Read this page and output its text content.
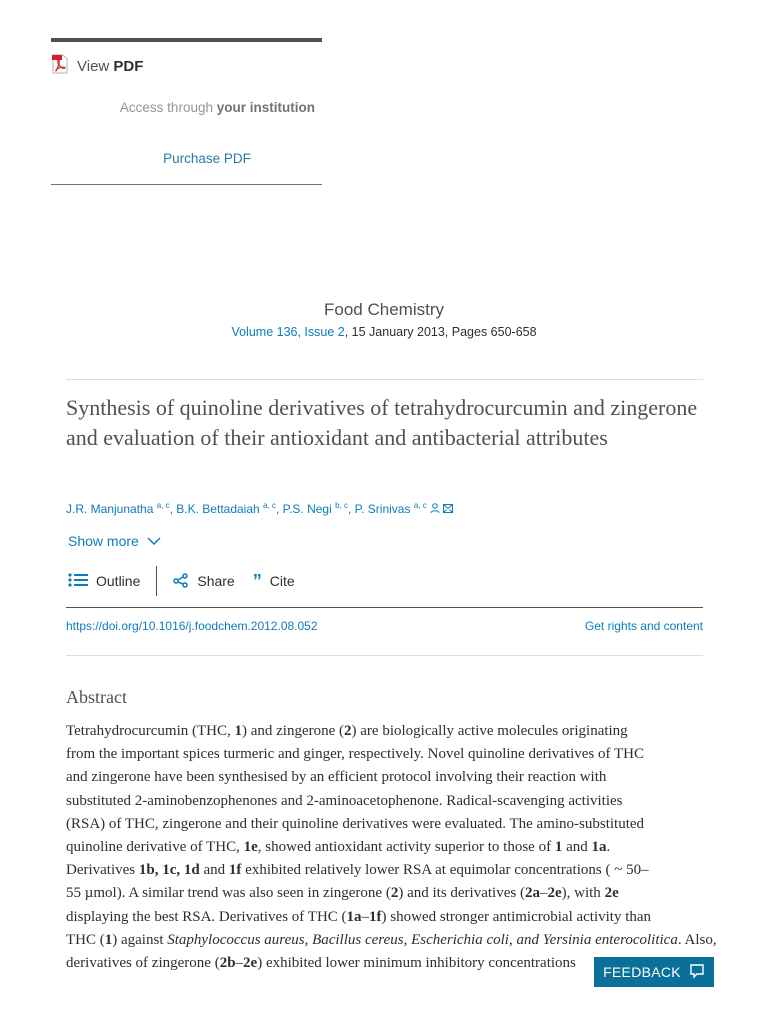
View PDF
Access through your institution
Purchase PDF
Food Chemistry
Volume 136, Issue 2, 15 January 2013, Pages 650-658
Synthesis of quinoline derivatives of tetrahydrocurcumin and zingerone and evaluation of their antioxidant and antibacterial attributes
J.R. Manjunatha $^{a, c}$, B.K. Bettadaiah $^{a, c}$, P.S. Negi $^{b, c}$, P. Srinivas $^{a, c}$
Show more
Outline	Share ” Cite
https://doi.org/10.1016/j.foodchem.2012.08.052	Get rights and content
Abstract
Tetrahydrocurcumin (THC, 1) and zingerone (2) are biologically active molecules originating
from the important spices turmeric and ginger, respectively. Novel quinoline derivatives of THC
and zingerone have been synthesised by an efficient protocol involving their reaction with
substituted 2-aminobenzophenones and 2-aminoacetophenone. Radical-scavenging activities
(RSA) of THC, zingerone and their quinoline derivatives were evaluated. The amino-substituted
quinoline derivative of THC, 1e, showed antioxidant activity superior to those of 1 and 1a.
Derivatives 1b, 1c, 1d and 1f exhibited relatively lower RSA at equimolar concentrations ( ~ 50–
55 µmol). A similar trend was also seen in zingerone (2) and its derivatives (2a–2e), with 2e
displaying the best RSA. Derivatives of THC (1a–1f) showed stronger antimicrobial activity than
THC (1) against Staphylococcus aureus, Bacillus cereus, Escherichia coli, and Yersinia enterocolitica. Also,
derivatives of zingerone (2b–2e) exhibited lower minimum inhibitory concentrations
FEEDBACK
